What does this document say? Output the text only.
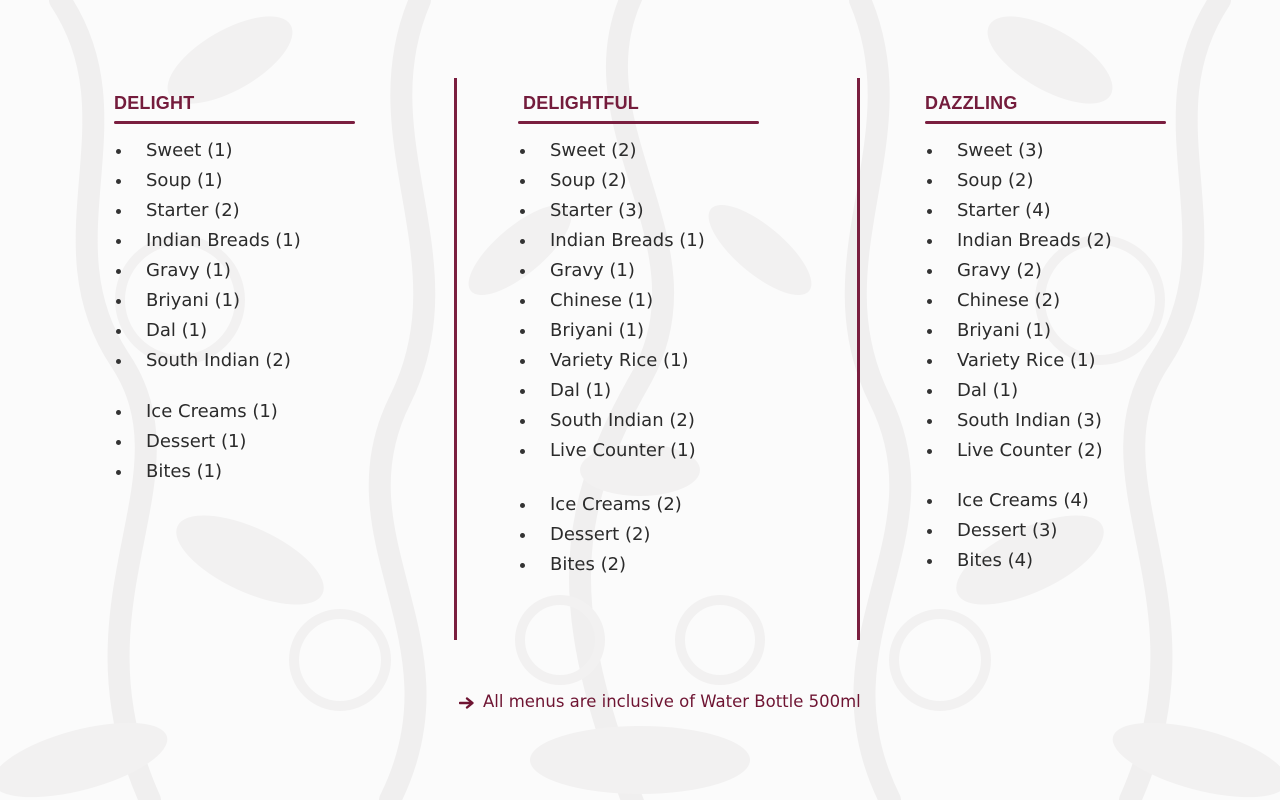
DELIGHT
Sweet (1)
Soup (1)
Starter (2)
Indian Breads (1)
Gravy (1)
Briyani (1)
Dal (1)
South Indian (2)
Ice Creams (1)
Dessert (1)
Bites (1)
DELIGHTFUL
Sweet (2)
Soup (2)
Starter (3)
Indian Breads (1)
Gravy (1)
Chinese (1)
Briyani (1)
Variety Rice (1)
Dal (1)
South Indian (2)
Live Counter (1)
Ice Creams (2)
Dessert (2)
Bites (2)
DAZZLING
Sweet (3)
Soup (2)
Starter (4)
Indian Breads (2)
Gravy (2)
Chinese (2)
Briyani (1)
Variety Rice (1)
Dal (1)
South Indian (3)
Live Counter (2)
Ice Creams (4)
Dessert (3)
Bites (4)
All menus are inclusive of Water Bottle 500ml
